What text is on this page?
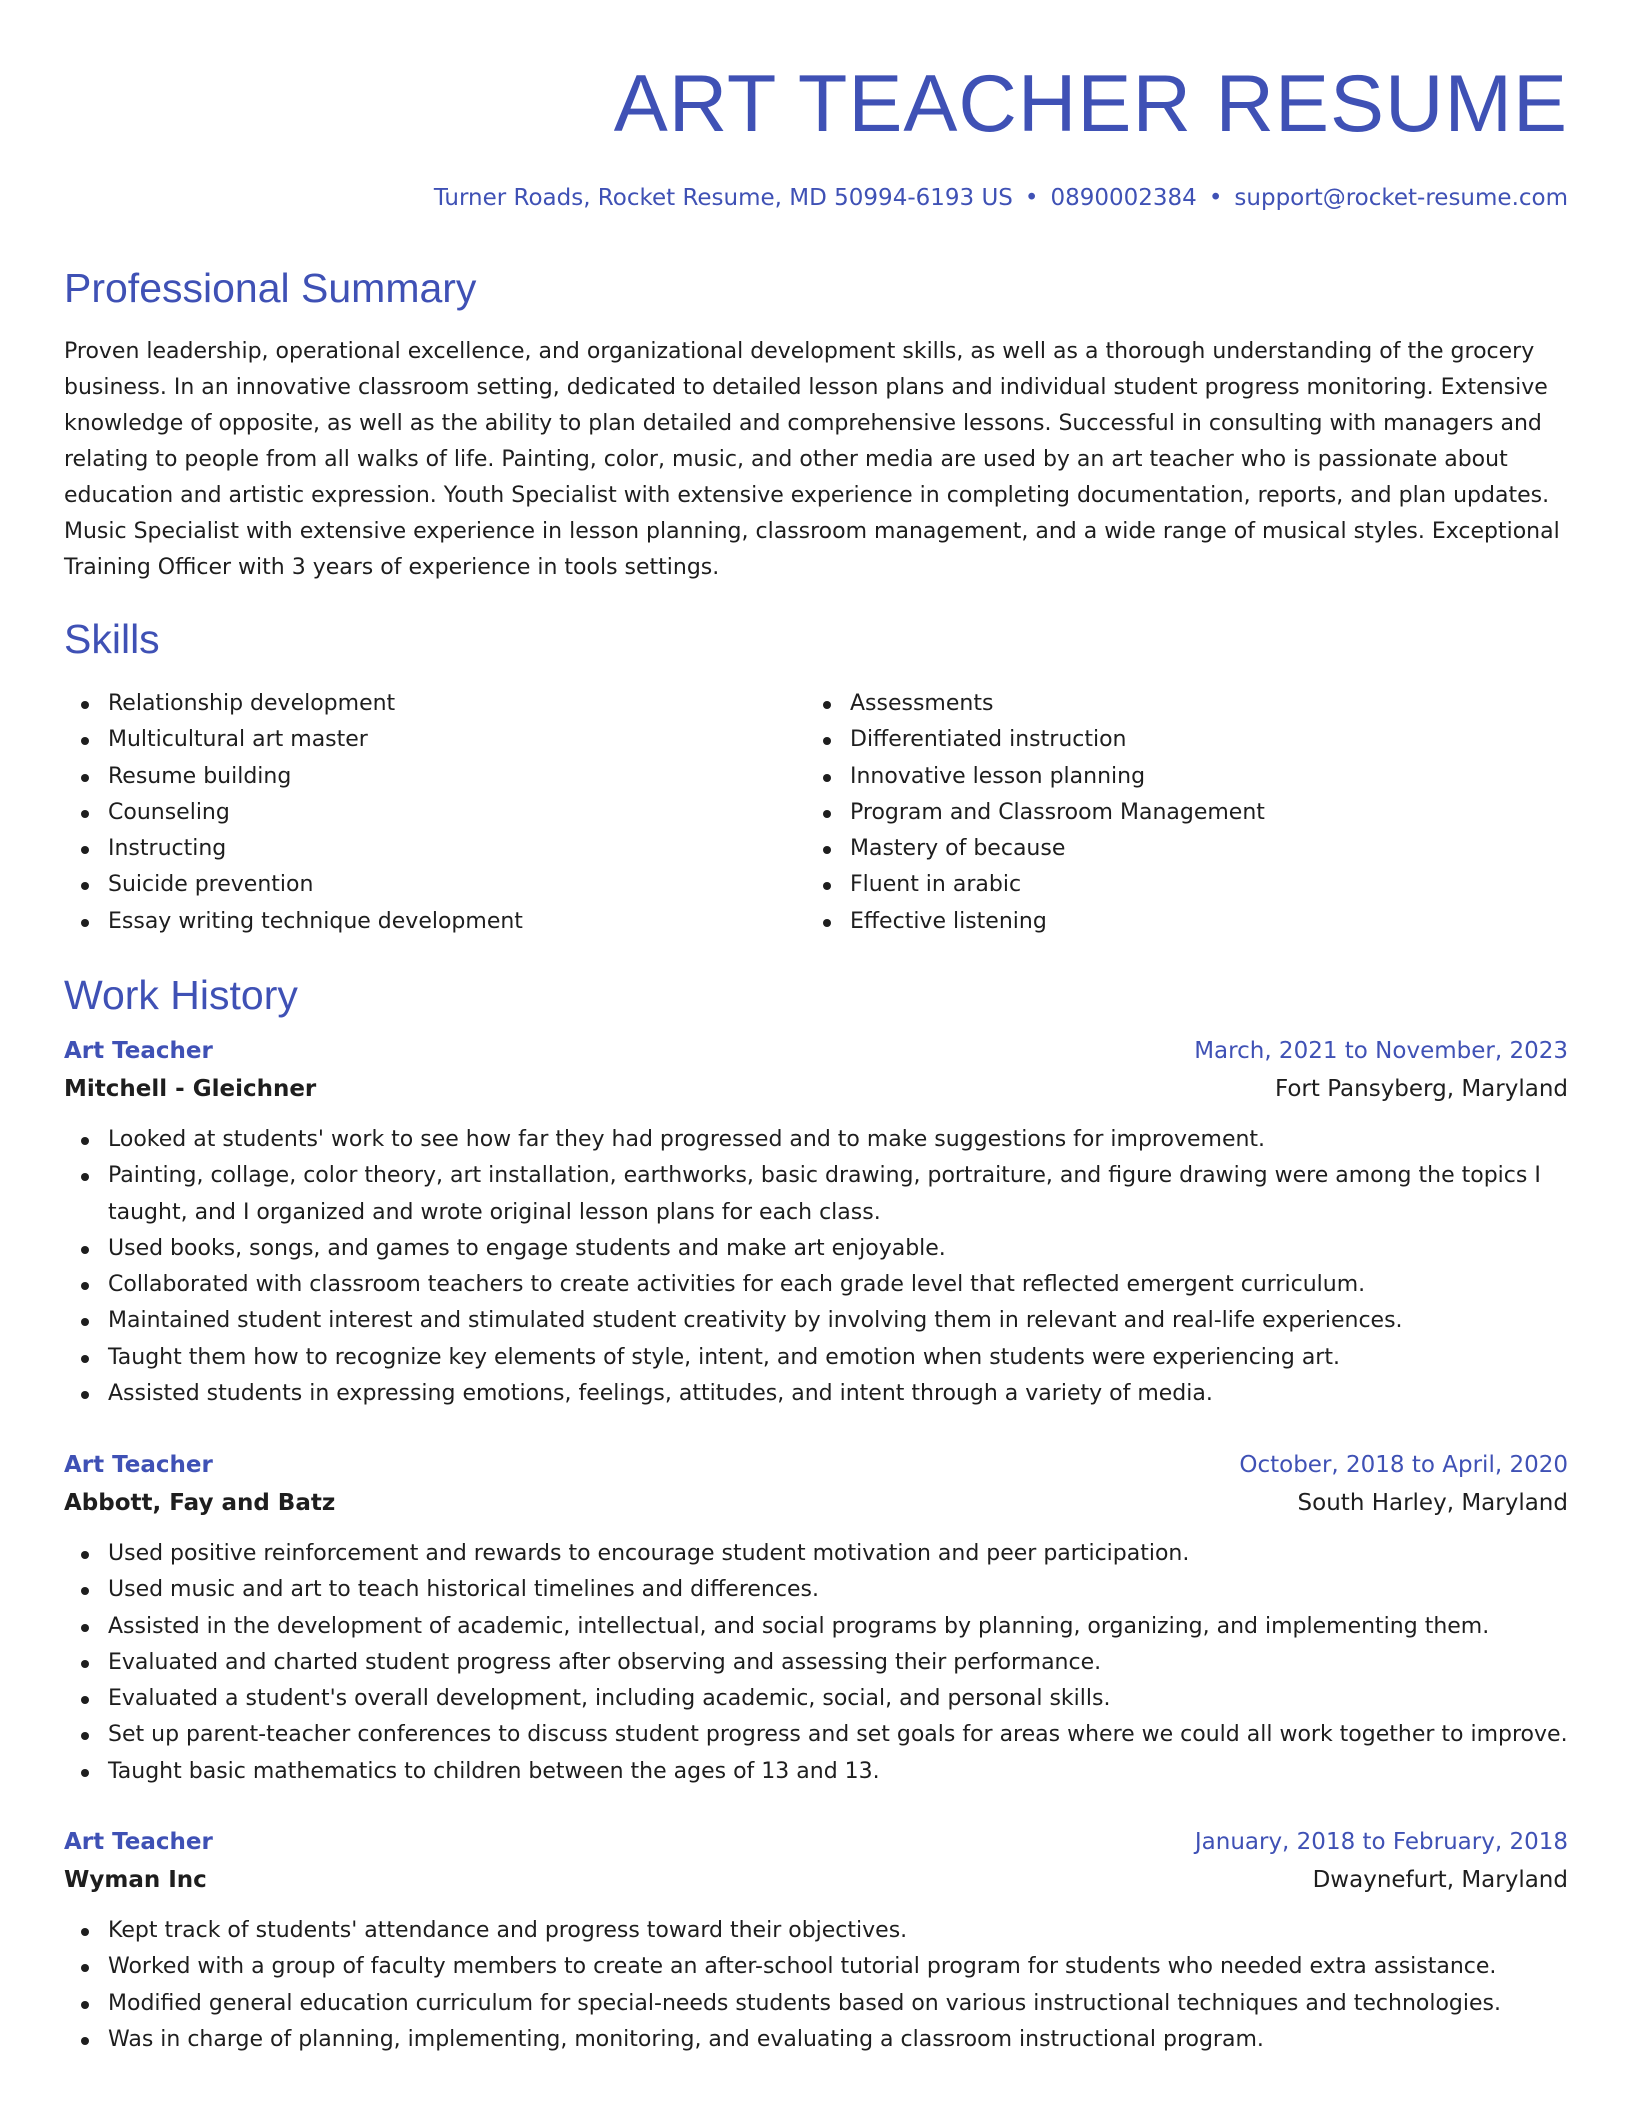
ART TEACHER RESUME
Turner Roads, Rocket Resume, MD 50994-6193 US • 0890002384 • support@rocket-resume.com
Professional Summary

Proven leadership, operational excellence, and organizational development skills, as well as a thorough understanding of the grocery business. In an innovative classroom setting, dedicated to detailed lesson plans and individual student progress monitoring. Extensive knowledge of opposite, as well as the ability to plan detailed and comprehensive lessons. Successful in consulting with managers and relating to people from all walks of life. Painting, color, music, and other media are used by an art teacher who is passionate about education and artistic expression. Youth Specialist with extensive experience in completing documentation, reports, and plan updates. Music Specialist with extensive experience in lesson planning, classroom management, and a wide range of musical styles. Exceptional Training Officer with 3 years of experience in tools settings.

Skills
Relationship development
Multicultural art master
Resume building
Counseling
Instructing
Suicide prevention
Essay writing technique development
Assessments
Differentiated instruction
Innovative lesson planning
Program and Classroom Management
Mastery of because
Fluent in arabic
Effective listening
Work History
Art Teacher	March, 2021 to November, 2023
Mitchell - Gleichner	Fort Pansyberg, Maryland
Looked at students' work to see how far they had progressed and to make suggestions for improvement.
Painting, collage, color theory, art installation, earthworks, basic drawing, portraiture, and figure drawing were among the topics I taught, and I organized and wrote original lesson plans for each class.
Used books, songs, and games to engage students and make art enjoyable.
Collaborated with classroom teachers to create activities for each grade level that reflected emergent curriculum.
Maintained student interest and stimulated student creativity by involving them in relevant and real-life experiences.
Taught them how to recognize key elements of style, intent, and emotion when students were experiencing art.
Assisted students in expressing emotions, feelings, attitudes, and intent through a variety of media.
Art Teacher	October, 2018 to April, 2020
Abbott, Fay and Batz	South Harley, Maryland
Used positive reinforcement and rewards to encourage student motivation and peer participation.
Used music and art to teach historical timelines and differences.
Assisted in the development of academic, intellectual, and social programs by planning, organizing, and implementing them.
Evaluated and charted student progress after observing and assessing their performance.
Evaluated a student's overall development, including academic, social, and personal skills.
Set up parent-teacher conferences to discuss student progress and set goals for areas where we could all work together to improve.
Taught basic mathematics to children between the ages of 13 and 13.
Art Teacher	January, 2018 to February, 2018
Wyman Inc	Dwaynefurt, Maryland
Kept track of students' attendance and progress toward their objectives.
Worked with a group of faculty members to create an after-school tutorial program for students who needed extra assistance.
Modified general education curriculum for special-needs students based on various instructional techniques and technologies.
Was in charge of planning, implementing, monitoring, and evaluating a classroom instructional program.
